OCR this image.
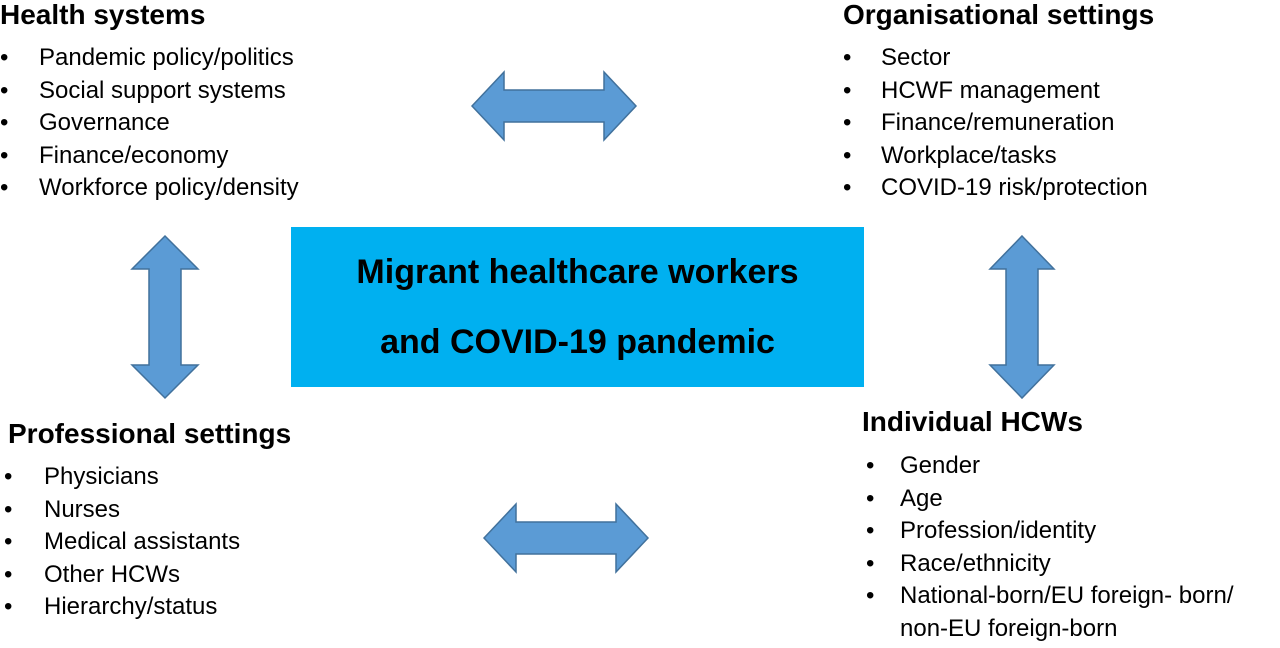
Health systems
•	Pandemic policy/politics
•	Social support systems
•	Governance
•	Finance/economy
•	Workforce policy/density
Organisational settings
•	Sector
•	HCWF management
•	Finance/remuneration
•	Workplace/tasks
•	COVID-19 risk/protection
Migrant healthcare workers
and COVID-19 pandemic
Professional settings
•	Physicians
•	Nurses
•	Medical assistants
•	Other HCWs
•	Hierarchy/status
Individual HCWs
•	Gender
•	Age
•	Profession/identity
•	Race/ethnicity
•	National-born/EU foreign- born/
non-EU foreign-born
